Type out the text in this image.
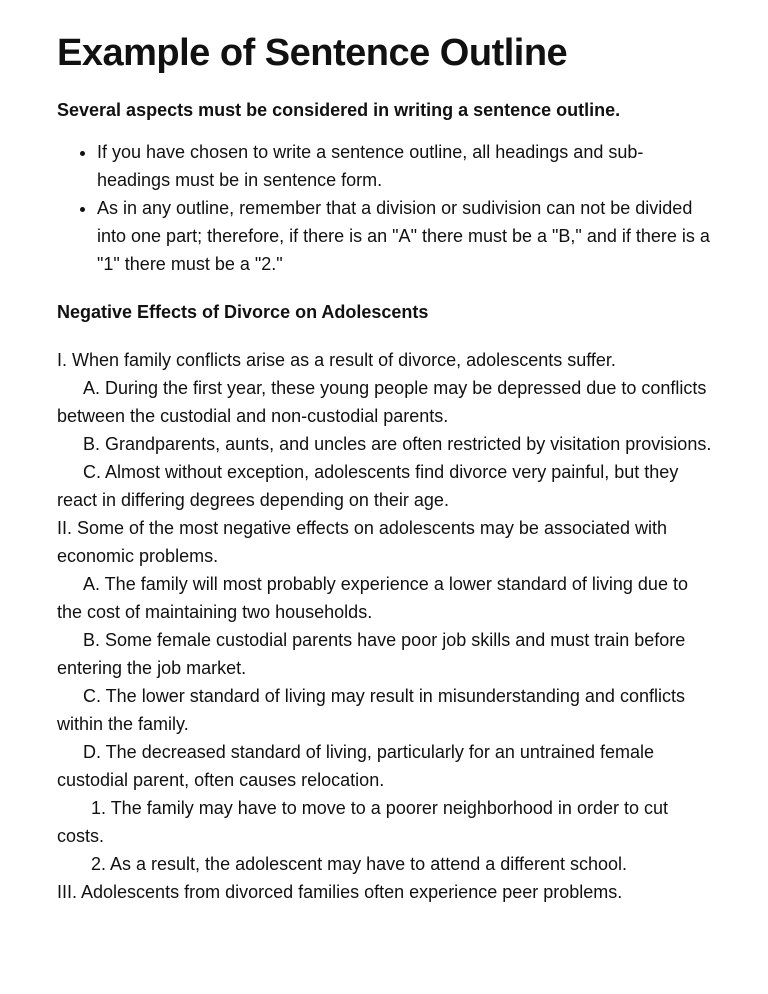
Example of Sentence Outline

Several aspects must be considered in writing a sentence outline.

• If you have chosen to write a sentence outline, all headings and sub-headings must be in sentence form.
• As in any outline, remember that a division or sudivision can not be divided into one part; therefore, if there is an "A" there must be a "B," and if there is a "1" there must be a "2."
Negative Effects of Divorce on Adolescents
I. When family conflicts arise as a result of divorce, adolescents suffer.
A. During the first year, these young people may be depressed due to conflicts between the custodial and non-custodial parents.
B. Grandparents, aunts, and uncles are often restricted by visitation provisions.
C. Almost without exception, adolescents find divorce very painful, but they react in differing degrees depending on their age.
II. Some of the most negative effects on adolescents may be associated with economic problems.
A. The family will most probably experience a lower standard of living due to the cost of maintaining two households.
B. Some female custodial parents have poor job skills and must train before entering the job market.
C. The lower standard of living may result in misunderstanding and conflicts within the family.
D. The decreased standard of living, particularly for an untrained female custodial parent, often causes relocation.
1. The family may have to move to a poorer neighborhood in order to cut costs.
2. As a result, the adolescent may have to attend a different school.
III. Adolescents from divorced families often experience peer problems.
